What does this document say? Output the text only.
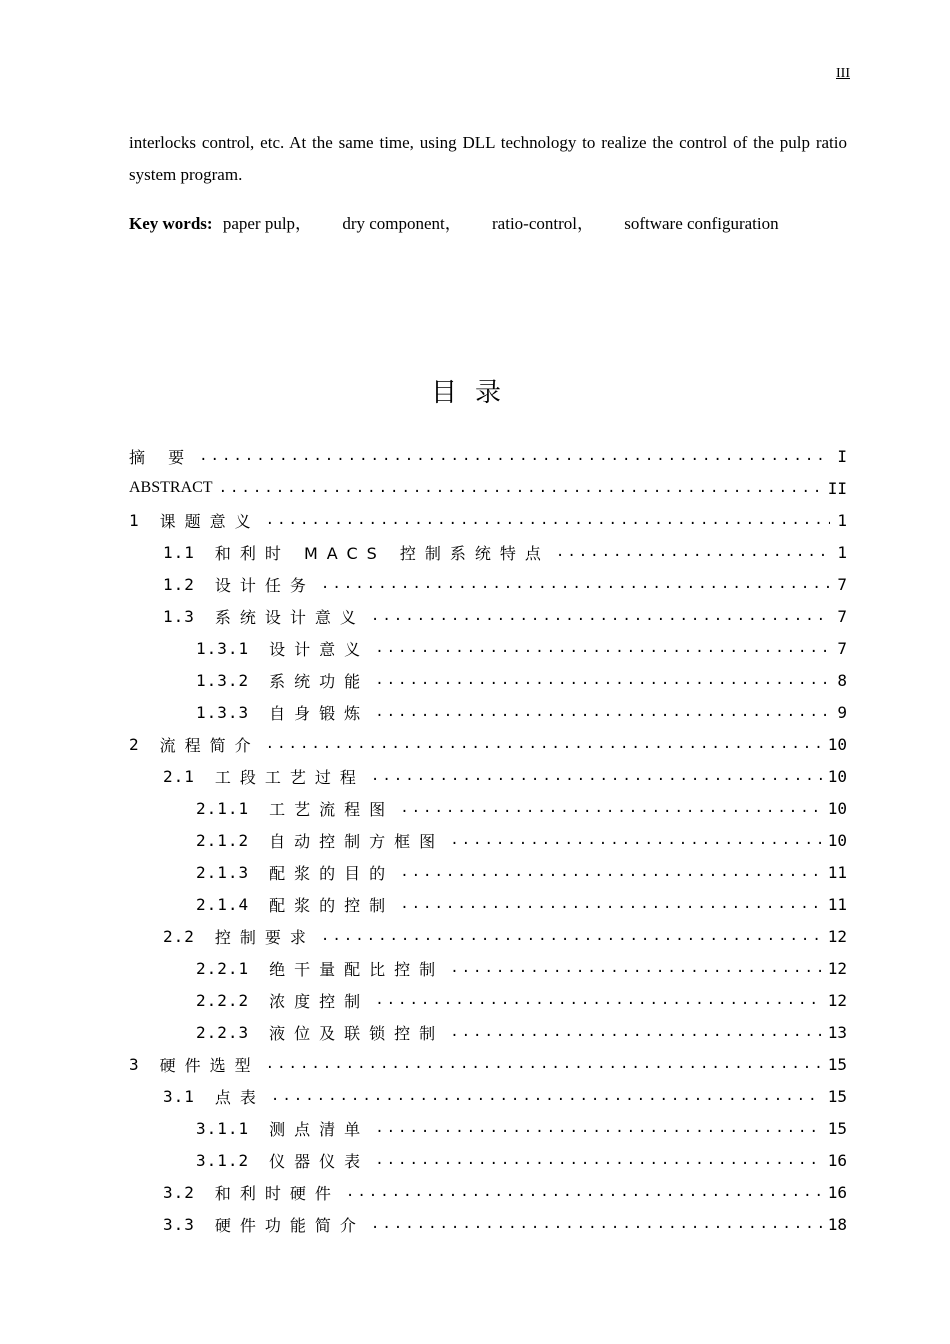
III

interlocks control, etc. At the same time, using DLL technology to realize the control of the pulp ratio system program.

Key words: paper pulp， dry component， ratio-control， software configuration

目录
摘 要 .....	I
ABSTRACT .....	II
1 课题意义 .....	1
1.1 和利时 MACS 控制系统特点 .....	1
1.2 设计任务 .....	7
1.3 系统设计意义 .....	7
1.3.1 设计意义 .....	7
1.3.2 系统功能 .....	8
1.3.3 自身锻炼 .....	9
2 流程简介 .....	10
2.1 工段工艺过程 .....	10
2.1.1 工艺流程图 .....	10
2.1.2 自动控制方框图 .....	10
2.1.3 配浆的目的 .....	11
2.1.4 配浆的控制 .....	11
2.2 控制要求 .....	12
2.2.1 绝干量配比控制 .....	12
2.2.2 浓度控制 .....	12
2.2.3 液位及联锁控制 .....	13
3 硬件选型 .....	15
3.1 点表 .....	15
3.1.1 测点清单 .....	15
3.1.2 仪器仪表 .....	16
3.2 和利时硬件 .....	16
3.3 硬件功能简介 .....	18
